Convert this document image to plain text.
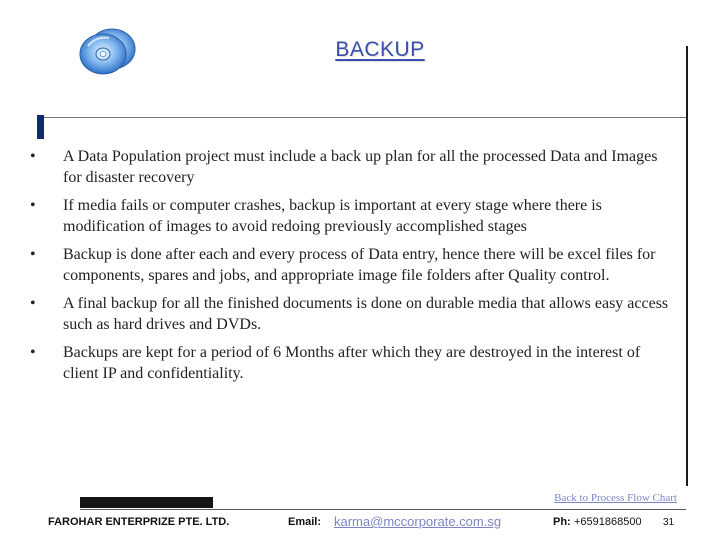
BACKUP
•	A Data Population project must include a back up plan for all the processed Data and Images for disaster recovery
•	If media fails or computer crashes, backup is important at every stage where there is modification of images to avoid redoing previously accomplished stages
•	Backup is done after each and every process of Data entry, hence there will be excel files for components, spares and jobs, and appropriate image file folders after Quality control.
•	A final backup for all the finished documents is done on durable media that allows easy access such as hard drives and DVDs.
•	Backups are kept for a period of 6 Months after which they are destroyed in the interest of client IP and confidentiality.
Back to Process Flow Chart
FAROHAR ENTERPRIZE PTE. LTD.	Email: karma@mccorporate.com.sg	Ph: +6591868500 31
